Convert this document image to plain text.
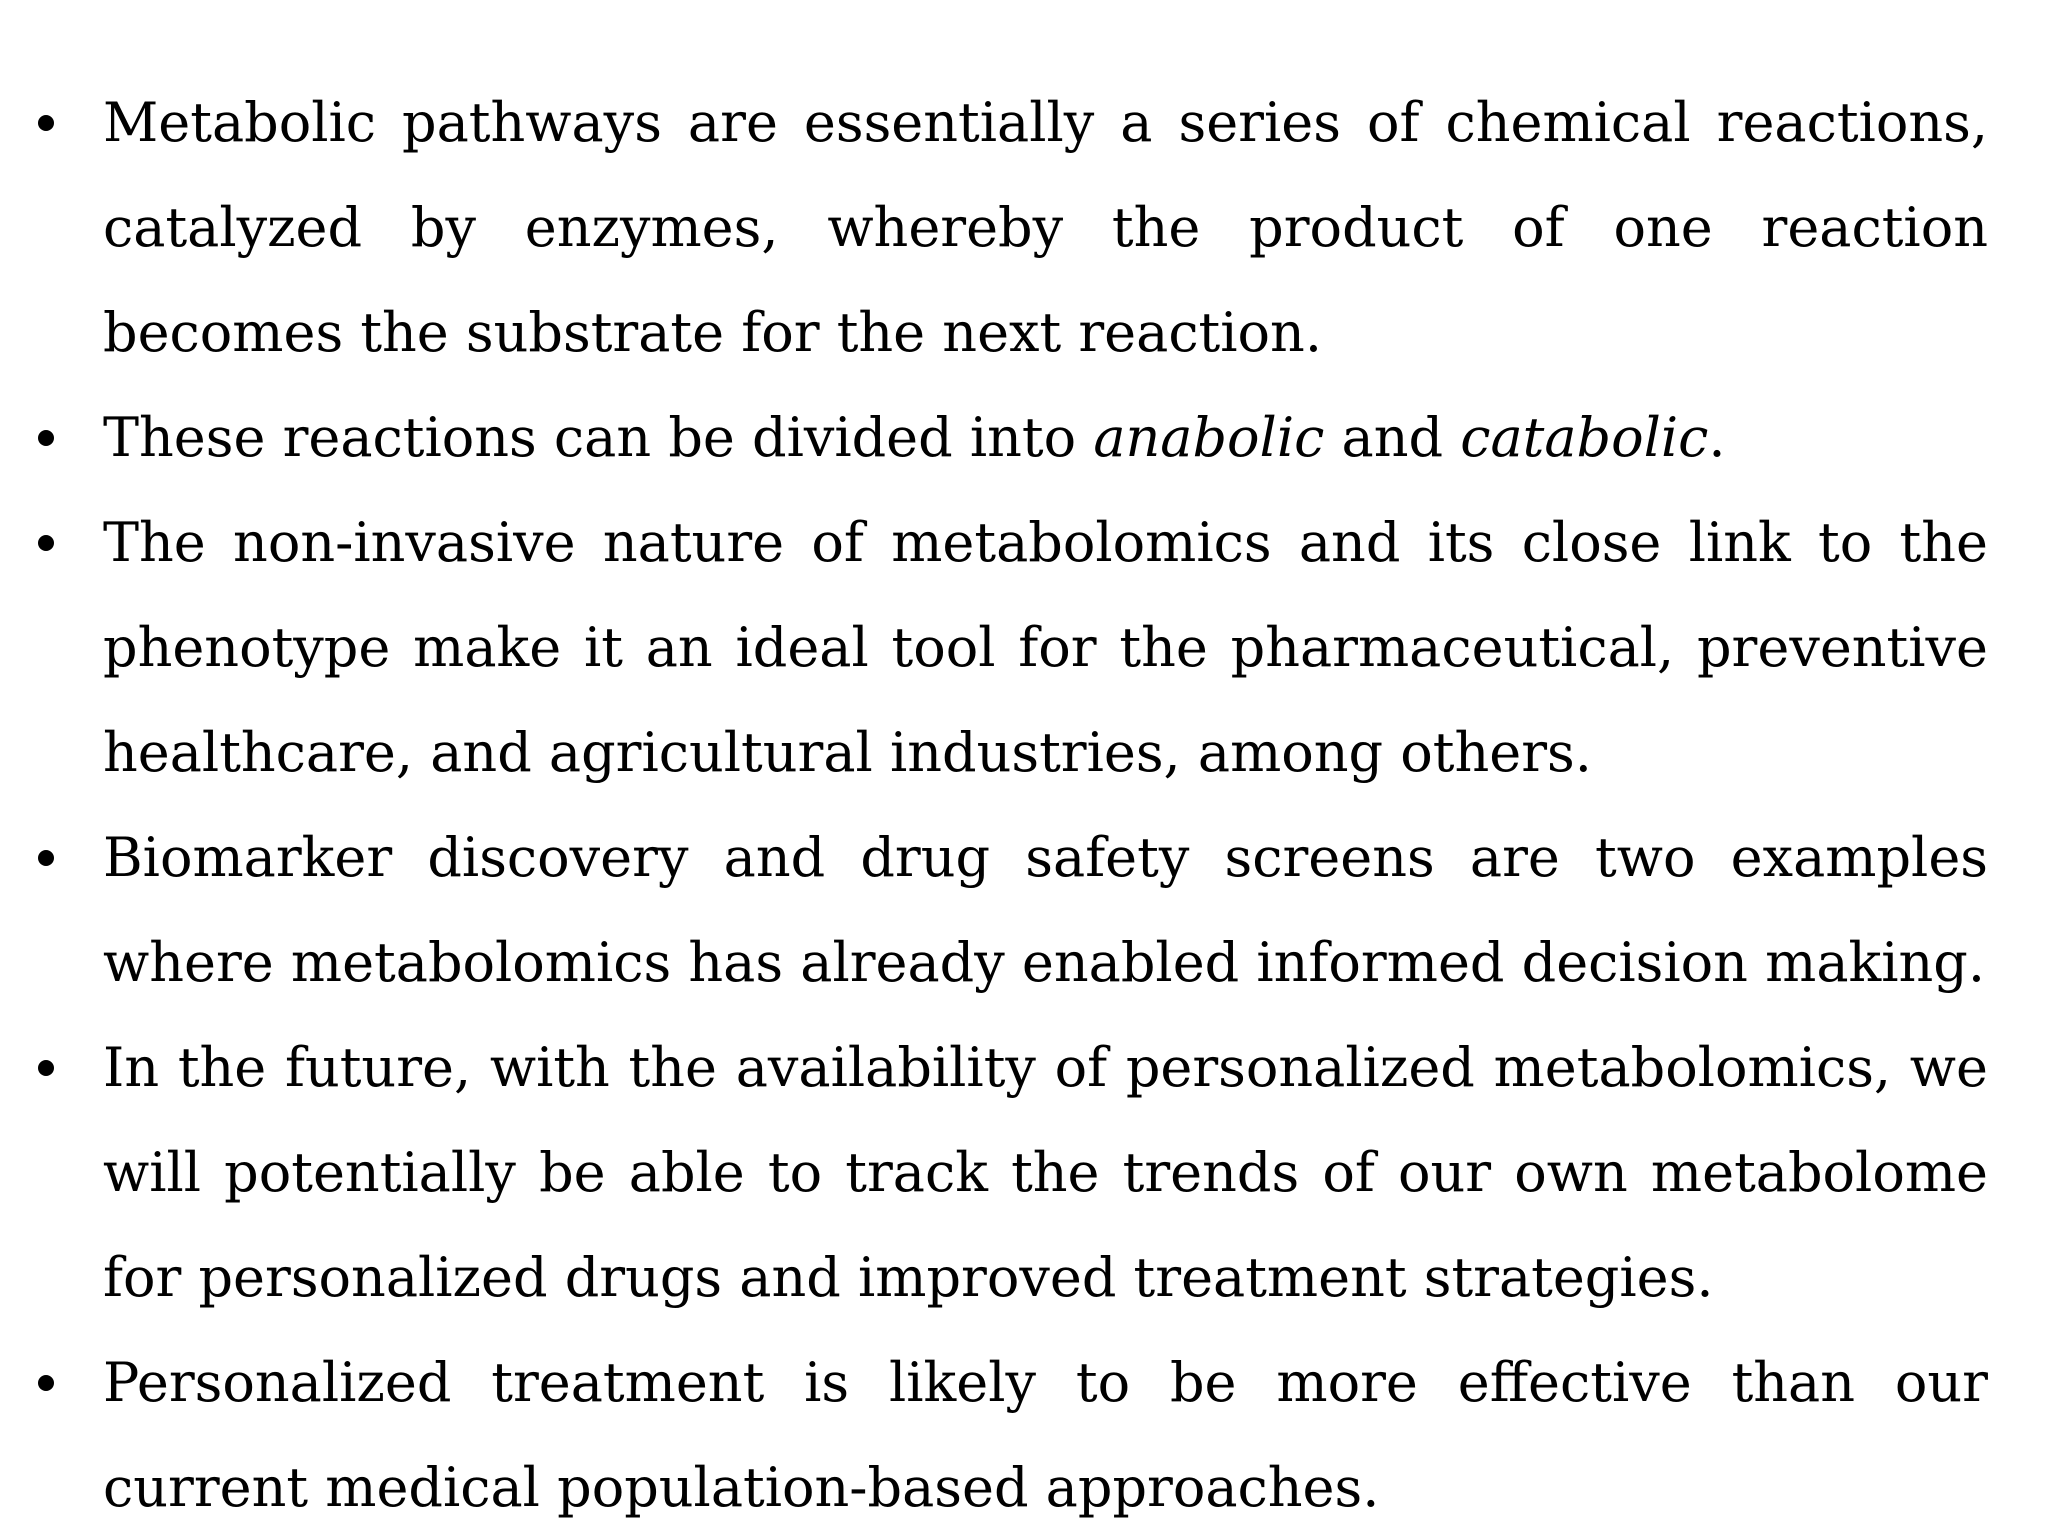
Metabolic pathways are essentially a series of chemical reactions, catalyzed by enzymes, whereby the product of one reaction becomes the substrate for the next reaction.
These reactions can be divided into anabolic and catabolic.
The non-invasive nature of metabolomics and its close link to the phenotype make it an ideal tool for the pharmaceutical, preventive healthcare, and agricultural industries, among others.
Biomarker discovery and drug safety screens are two examples where metabolomics has already enabled informed decision making.
In the future, with the availability of personalized metabolomics, we will potentially be able to track the trends of our own metabolome for personalized drugs and improved treatment strategies.
Personalized treatment is likely to be more effective than our current medical population-based approaches.
